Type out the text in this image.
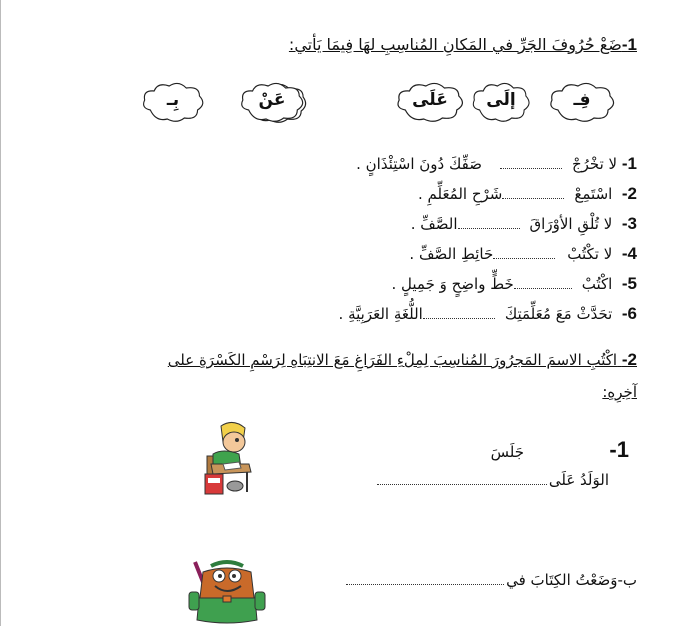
1-ضَعْ حُرُوفَ الجَرِّ في المَكانِ المُناسِبِ لهَا فِيمَا يَأتي:
فِـ
إلَى
عَلَى
عَنْ
بِـ
1- لا تخْرُجْصَفِّكَ دُونَ اسْتِئْذَانٍ .
2-  اسْتَمِعْشَرْحِ المُعَلِّمِ .
3-  لا تُلْقِ الأوْرَاقَالصَّفِّ .
4-  لا تكْتُبْحَائِطِ الصَّفِّ .
5-  اكْتُبْخَطٍّ واضِحٍ وَ جَمِيلٍ .
6-  تحَدَّثْ مَعَ مُعَلِّمَتِكَاللُّغَةِ العَرَبِيَّةِ .
2- اكْتُبِ الاسمَ المَجرُورَ المُناسِبَ لِمِلْءِ الفَرَاغِ مَعَ الانتِبَاهِ لِرَسْمِ الكَسْرَةِ على
آخِرِهِ:
1-
جَلَسَ
الوَلَدُ عَلَى
ب-وَضَعْتُ الكِتَابَ في
